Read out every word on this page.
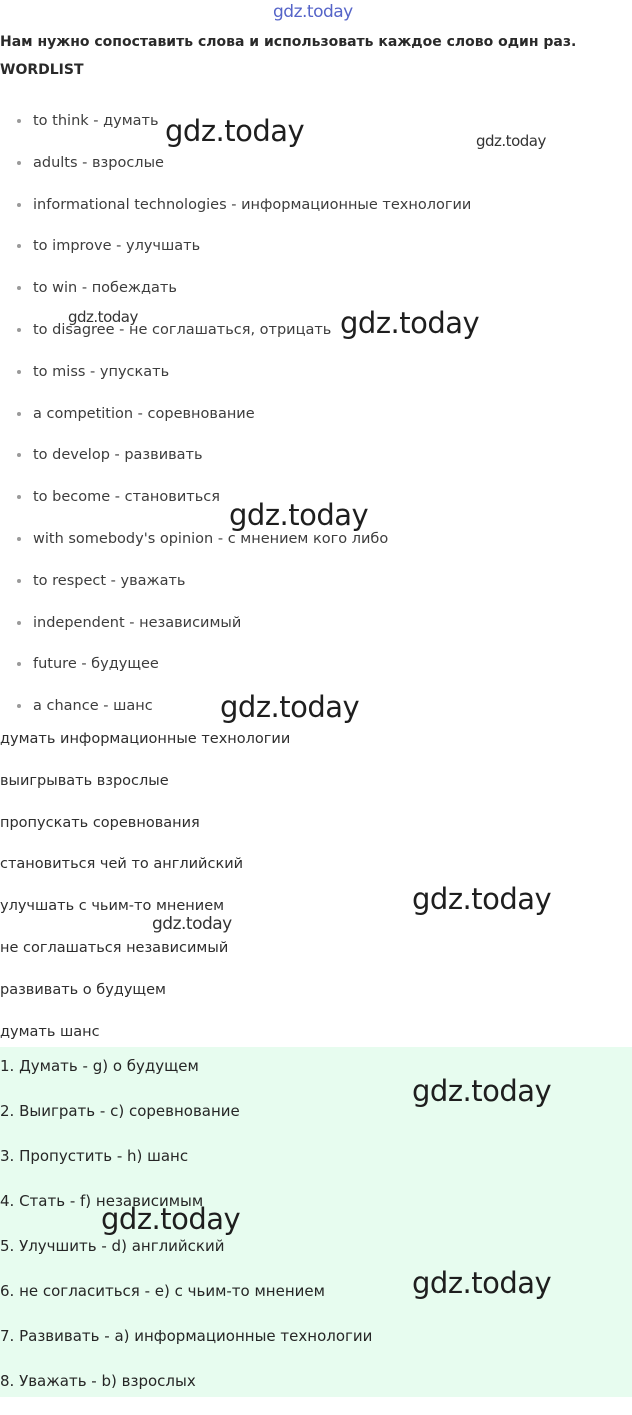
gdz.today
Нам нужно сопоставить слова и использовать каждое слово один раз.
WORDLIST
to think - думать
adults - взрослые
informational technologies - информационные технологии
to improve - улучшать
to win - побеждать
to disagree - не соглашаться, отрицать
to miss - упускать
a competition - соревнование
to develop - развивать
to become - становиться
with somebody's opinion - с мнением кого либо
to respect - уважать
independent - независимый
future - будущее
a chance - шанс
думать информационные технологии
выигрывать взрослые
пропускать соревнования
становиться чей то английский
улучшать с чьим-то мнением
не соглашаться независимый
развивать о будущем
думать шанс
1. Думать - g) о будущем
2. Выиграть - c) соревнование
3. Пропустить - h) шанс
4. Стать - f) независимым
5. Улучшить - d) английский
6. не согласиться - e) с чьим-то мнением
7. Развивать - a) информационные технологии
8. Уважать - b) взрослых
gdz.today	gdz.today
gdz.today	gdz.today
gdz.today
gdz.today
gdz.today
gdz.today
gdz.today
gdz.today
gdz.today
